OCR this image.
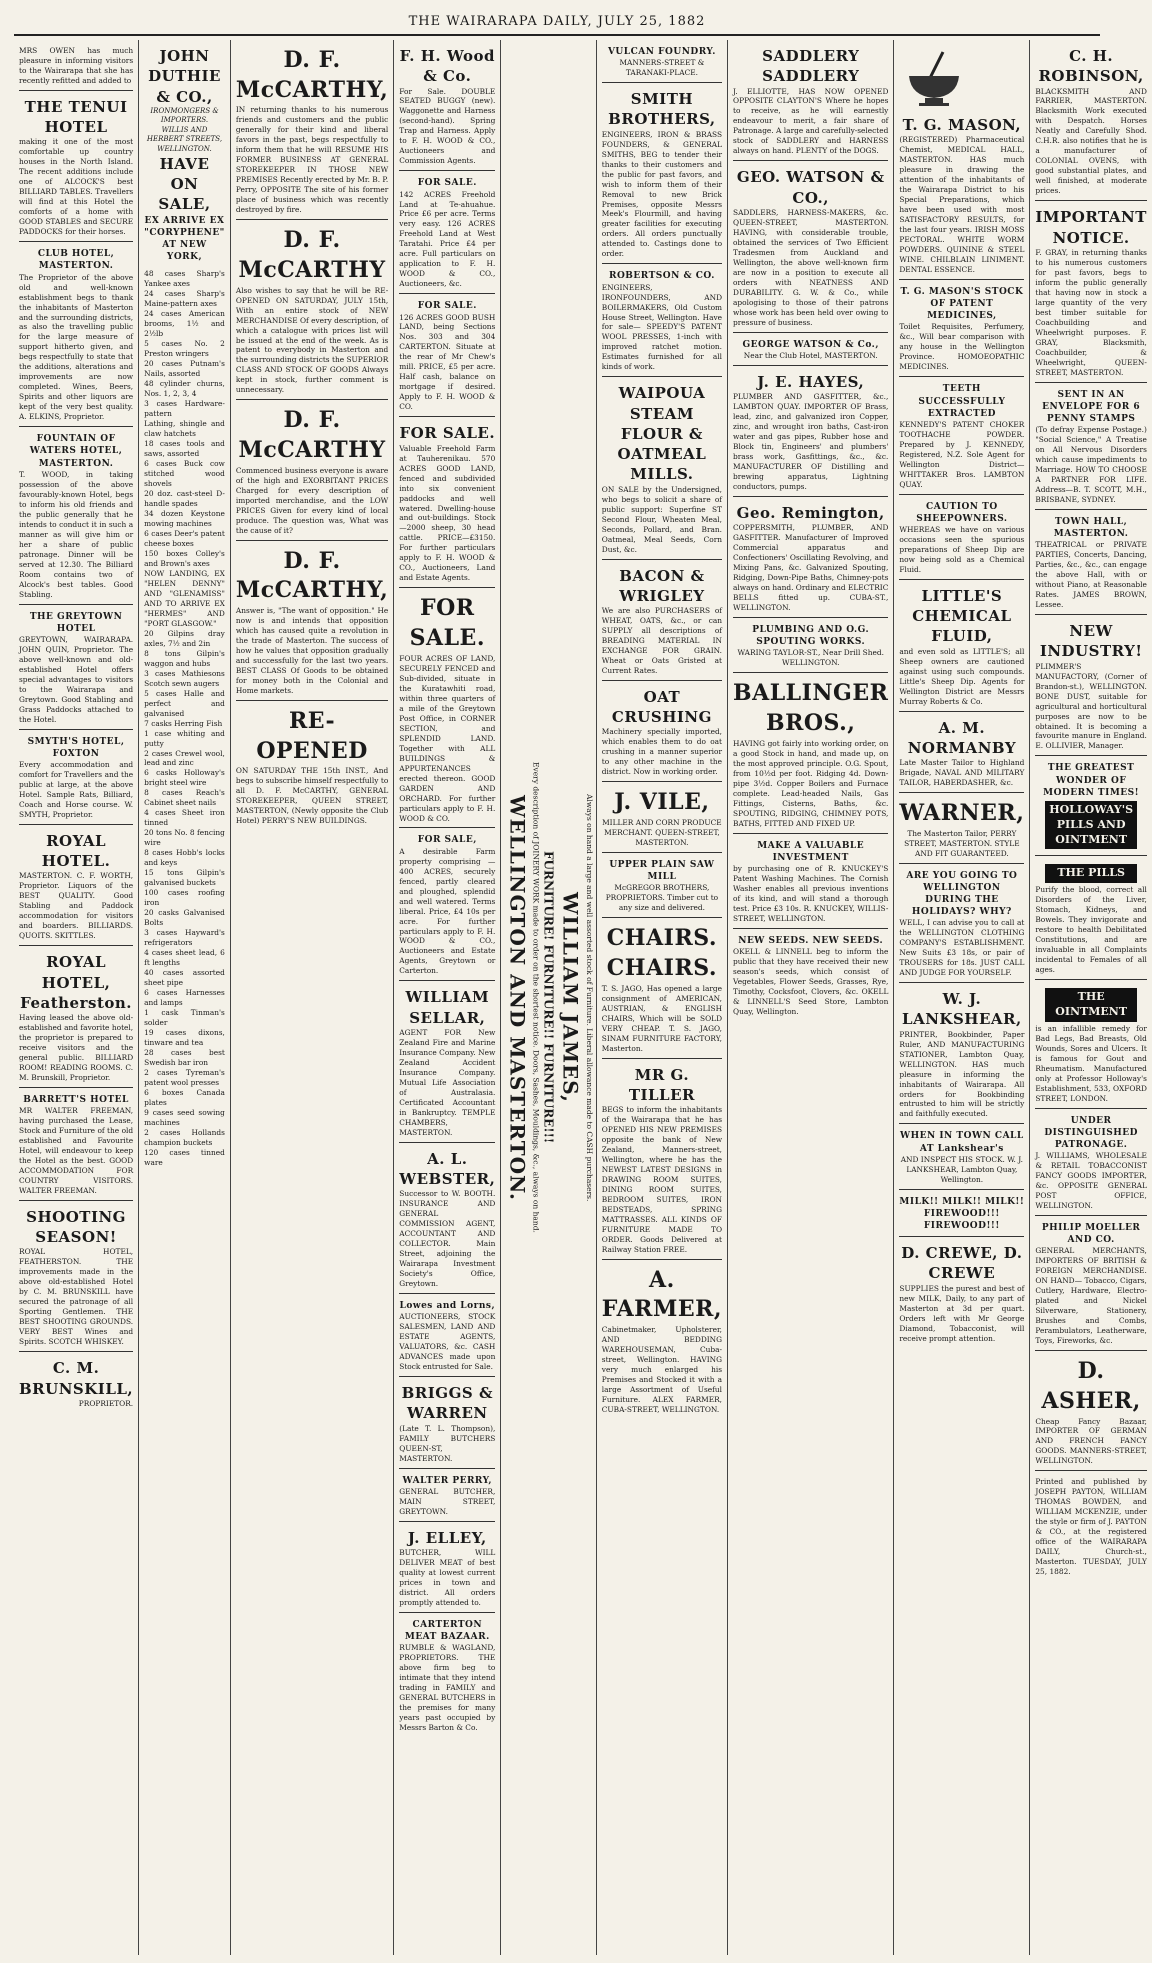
THE WAIRARAPA DAILY, JULY 25, 1882

MRS OWEN has much pleasure in informing visitors to the Wairarapa that she has recently refitted and added to

THE TENUI HOTEL

making it one of the most comfortable up country houses in the North Island. The recent additions include one of ALCOCK'S best BILLIARD TABLES. Travellers will find at this Hotel the comforts of a home with GOOD STABLES and SECURE PADDOCKS for their horses.

CLUB HOTEL, MASTERTON.

The Proprietor of the above old and well-known establishment begs to thank the inhabitants of Masterton and the surrounding districts, as also the travelling public for the large measure of support hitherto given, and begs respectfully to state that the additions, alterations and improvements are now completed. Wines, Beers, Spirits and other liquors are kept of the very best quality. A. ELKINS, Proprietor.

FOUNTAIN OF WATERS HOTEL, MASTERTON.

T. WOOD, in taking possession of the above favourably-known Hotel, begs to inform his old friends and the public generally that he intends to conduct it in such a manner as will give him or her a share of public patronage. Dinner will be served at 12.30. The Billiard Room contains two of Alcock's best tables. Good Stabling.

THE GREYTOWN HOTEL

GREYTOWN, WAIRARAPA. JOHN QUIN, Proprietor. The above well-known and old-established Hotel offers special advantages to visitors to the Wairarapa and Greytown. Good Stabling and Grass Paddocks attached to the Hotel.

SMYTH'S HOTEL, FOXTON

Every accommodation and comfort for Travellers and the public at large, at the above Hotel. Sample Rats, Billiard, Coach and Horse course. W. SMYTH, Proprietor.

ROYAL HOTEL.

MASTERTON. C. F. WORTH, Proprietor. Liquors of the BEST QUALITY. Good Stabling and Paddock accommodation for visitors and boarders. BILLIARDS. QUOITS. SKITTLES.

ROYAL HOTEL, Featherston.

Having leased the above old-established and favorite hotel, the proprietor is prepared to receive visitors and the general public. BILLIARD ROOM! READING ROOMS. C. M. Brunskill, Proprietor.

BARRETT'S HOTEL

MR WALTER FREEMAN, having purchased the Lease, Stock and Furniture of the old established and Favourite Hotel, will endeavour to keep the Hotel as the best. GOOD ACCOMMODATION FOR COUNTRY VISITORS. WALTER FREEMAN.

SHOOTING SEASON!

ROYAL HOTEL, FEATHERSTON. THE improvements made in the above old-established Hotel by C. M. BRUNSKILL have secured the patronage of all Sporting Gentlemen. THE BEST SHOOTING GROUNDS. VERY BEST Wines and Spirits. SCOTCH WHISKEY.

C. M. BRUNSKILL,

PROPRIETOR.

JOHN DUTHIE & CO.,
IRONMONGERS & IMPORTERS.
WILLIS AND HERBERT STREETS, WELLINGTON.
HAVE ON SALE,
EX ARRIVE EX "CORYPHENE" AT NEW YORK,

48 cases Sharp's Yankee axes

24 cases Sharp's Maine-pattern axes

24 cases American brooms, 1½ and 2½lb

5 cases No. 2 Preston wringers

20 cases Putnam's Nails, assorted

48 cylinder churns, Nos. 1, 2, 3, 4

3 cases Hardware-pattern

Lathing, shingle and claw hatchets

18 cases tools and saws, assorted

6 cases Buck cow stitched wood shovels

20 doz. cast-steel D-handle spades

34 dozen Keystone mowing machines

6 cases Deer's patent cheese boxes

150 boxes Colley's and Brown's axes

NOW LANDING, EX "HELEN DENNY" AND "GLENAMISS" AND TO ARRIVE EX "HERMES" AND "PORT GLASGOW."

20 Gilpins dray axles, 7½ and 2in

8 tons Gilpin's waggon and hubs

3 cases Mathiesons Scotch sewn augers

5 cases Halle and perfect and galvanised

7 casks Herring Fish

1 case whiting and putty

2 cases Crewel wool, lead and zinc

6 casks Holloway's bright steel wire

8 cases Reach's Cabinet sheet nails

4 cases Sheet iron tinned

20 tons No. 8 fencing wire

8 cases Hobb's locks and keys

15 tons Gilpin's galvanised buckets

100 cases roofing iron

20 casks Galvanised Bolts

3 cases Hayward's refrigerators

4 cases sheet lead, 6 ft lengths

40 cases assorted sheet pipe

6 cases Harnesses and lamps

1 cask Tinman's solder

19 cases dixons, tinware and tea

28 cases best Swedish bar iron

2 cases Tyreman's patent wool presses

6 boxes Canada plates

9 cases seed sowing machines

2 cases Hollands champion buckets

120 cases tinned ware

D. F. McCARTHY,

IN returning thanks to his numerous friends and customers and the public generally for their kind and liberal favors in the past, begs respectfully to inform them that he will RESUME HIS FORMER BUSINESS AT GENERAL STOREKEEPER IN THOSE NEW PREMISES Recently erected by Mr. B. P. Perry, OPPOSITE The site of his former place of business which was recently destroyed by fire.

D. F. McCARTHY

Also wishes to say that he will be RE-OPENED ON SATURDAY, JULY 15th, With an entire stock of NEW MERCHANDISE Of every description, of which a catalogue with prices list will be issued at the end of the week. As is patent to everybody in Masterton and the surrounding districts the SUPERIOR CLASS AND STOCK OF GOODS Always kept in stock, further comment is unnecessary.

D. F. McCARTHY

Commenced business everyone is aware of the high and EXORBITANT PRICES Charged for every description of imported merchandise, and the LOW PRICES Given for every kind of local produce. The question was, What was the cause of it?

D. F. McCARTHY,

Answer is, "The want of opposition." He now is and intends that opposition which has caused quite a revolution in the trade of Masterton. The success of how he values that opposition gradually and successfully for the last two years. BEST CLASS Of Goods to be obtained for money both in the Colonial and Home markets.

RE-OPENED

ON SATURDAY THE 15th INST., And begs to subscribe himself respectfully to all D. F. McCARTHY, GENERAL STOREKEEPER, QUEEN STREET, MASTERTON, (Newly opposite the Club Hotel) PERRY'S NEW BUILDINGS.

F. H. Wood & Co.

For Sale. DOUBLE SEATED BUGGY (new). Waggonette and Harness (second-hand). Spring Trap and Harness. Apply to F. H. WOOD & CO., Auctioneers and Commission Agents.

FOR SALE.

142 ACRES Freehold Land at Te-ahuahue. Price £6 per acre. Terms very easy. 126 ACRES Freehold Land at West Taratahi. Price £4 per acre. Full particulars on application to F. H. WOOD & CO., Auctioneers, &c.

FOR SALE.

126 ACRES GOOD BUSH LAND, being Sections Nos. 303 and 304 CARTERTON. Situate at the rear of Mr Chew's mill. PRICE, £5 per acre. Half cash, balance on mortgage if desired. Apply to F. H. WOOD & CO.

FOR SALE.

Valuable Freehold Farm at Tauherenikau. 570 ACRES GOOD LAND, fenced and subdivided into six convenient paddocks and well watered. Dwelling-house and out-buildings. Stock—2000 sheep, 30 head cattle. PRICE—£3150. For further particulars apply to F. H. WOOD & CO., Auctioneers, Land and Estate Agents.

FOR SALE.

FOUR ACRES OF LAND, SECURELY FENCED and Sub-divided, situate in the Kuratawhiti road, within three quarters of a mile of the Greytown Post Office, in CORNER SECTION, and SPLENDID LAND. Together with ALL BUILDINGS & APPURTENANCES erected thereon. GOOD GARDEN AND ORCHARD. For further particulars apply to F. H. WOOD & CO.

FOR SALE,

A desirable Farm property comprising — 400 ACRES, securely fenced, partly cleared and ploughed, splendid and well watered. Terms liberal. Price, £4 10s per acre. For further particulars apply to F. H. WOOD & CO., Auctioneers and Estate Agents, Greytown or Carterton.

WILLIAM SELLAR,

AGENT FOR New Zealand Fire and Marine Insurance Company. New Zealand Accident Insurance Company. Mutual Life Association of Australasia. Certificated Accountant in Bankruptcy. TEMPLE CHAMBERS, MASTERTON.

A. L. WEBSTER,

Successor to W. BOOTH. INSURANCE AND GENERAL COMMISSION AGENT, ACCOUNTANT AND COLLECTOR. Main Street, adjoining the Wairarapa Investment Society's Office, Greytown.

Lowes and Lorns,

AUCTIONEERS, STOCK SALESMEN, LAND AND ESTATE AGENTS, VALUATORS, &c. CASH ADVANCES made upon Stock entrusted for Sale.

BRIGGS & WARREN

(Late T. L. Thompson), FAMILY BUTCHERS QUEEN-ST, MASTERTON.

WALTER PERRY,

GENERAL BUTCHER, MAIN STREET, GREYTOWN.

J. ELLEY,

BUTCHER, WILL DELIVER MEAT of best quality at lowest current prices in town and district. All orders promptly attended to.

CARTERTON MEAT BAZAAR.

RUMBLE & WAGLAND, PROPRIETORS. THE above firm beg to intimate that they intend trading in FAMILY and GENERAL BUTCHERS in the premises for many years past occupied by Messrs Barton & Co.

WELLINGTON AND MASTERTON. Every description of JOINERY WORK made to order on the shortest notice. Doors, Sashes, Mouldings, &c., always on hand. FURNITURE! FURNITURE!! FURNITURE!!! WILLIAM JAMES, Always on hand a large and well assorted stock of Furniture. Liberal allowance made to CASH purchasers.
VULCAN FOUNDRY.

MANNERS-STREET & TARANAKI-PLACE.

SMITH BROTHERS,

ENGINEERS, IRON & BRASS FOUNDERS, & GENERAL SMITHS, BEG to tender their thanks to their customers and the public for past favors, and wish to inform them of their Removal to new Brick Premises, opposite Messrs Meek's Flourmill, and having greater facilities for executing orders. All orders punctually attended to. Castings done to order.

ROBERTSON & CO.

ENGINEERS, IRONFOUNDERS, AND BOILERMAKERS, Old Custom House Street, Wellington. Have for sale— SPEEDY'S PATENT WOOL PRESSES, 1-inch with improved ratchet motion. Estimates furnished for all kinds of work.

WAIPOUA STEAM FLOUR & OATMEAL MILLS.

ON SALE by the Undersigned, who begs to solicit a share of public support: Superfine ST Second Flour, Wheaten Meal, Seconds, Pollard, and Bran. Oatmeal, Meal Seeds, Corn Dust, &c.

BACON & WRIGLEY

We are also PURCHASERS of WHEAT, OATS, &c., or can SUPPLY all descriptions of BREADING MATERIAL IN EXCHANGE FOR GRAIN. Wheat or Oats Gristed at Current Rates.

OAT CRUSHING

Machinery specially imported, which enables them to do oat crushing in a manner superior to any other machine in the district. Now in working order.

J. VILE,

MILLER AND CORN PRODUCE MERCHANT. QUEEN-STREET, MASTERTON.

UPPER PLAIN SAW MILL

McGREGOR BROTHERS, PROPRIETORS. Timber cut to any size and delivered.

CHAIRS. CHAIRS.

T. S. JAGO, Has opened a large consignment of AMERICAN, AUSTRIAN, & ENGLISH CHAIRS, Which will be SOLD VERY CHEAP. T. S. JAGO, SINAM FURNITURE FACTORY, Masterton.

MR G. TILLER

BEGS to inform the inhabitants of the Wairarapa that he has OPENED HIS NEW PREMISES opposite the bank of New Zealand, Manners-street, Wellington, where he has the NEWEST LATEST DESIGNS in DRAWING ROOM SUITES, DINING ROOM SUITES, BEDROOM SUITES, IRON BEDSTEADS, SPRING MATTRASSES. ALL KINDS OF FURNITURE MADE TO ORDER. Goods Delivered at Railway Station FREE.

A. FARMER,

Cabinetmaker, Upholsterer, AND BEDDING WAREHOUSEMAN, Cuba-street, Wellington. HAVING very much enlarged his Premises and Stocked it with a large Assortment of Useful Furniture. ALEX FARMER, CUBA-STREET, WELLINGTON.

SADDLERY SADDLERY

J. ELLIOTTE, HAS NOW OPENED OPPOSITE CLAYTON'S Where he hopes to receive, as he will earnestly endeavour to merit, a fair share of Patronage. A large and carefully-selected stock of SADDLERY and HARNESS always on hand. PLENTY of the DOGS.

GEO. WATSON & CO.,

SADDLERS, HARNESS-MAKERS, &c. QUEEN-STREET, MASTERTON. HAVING, with considerable trouble, obtained the services of Two Efficient Tradesmen from Auckland and Wellington, the above well-known firm are now in a position to execute all orders with NEATNESS AND DURABILITY. G. W. & Co., while apologising to those of their patrons whose work has been held over owing to pressure of business.

GEORGE WATSON & Co.,

Near the Club Hotel, MASTERTON.

J. E. HAYES,

PLUMBER AND GASFITTER, &c., LAMBTON QUAY. IMPORTER OF Brass, lead, zinc, and galvanized iron Copper, zinc, and wrought iron baths, Cast-iron water and gas pipes, Rubber hose and Block tin, Engineers' and plumbers' brass work, Gasfittings, &c., &c. MANUFACTURER OF Distilling and brewing apparatus, Lightning conductors, pumps.

Geo. Remington,

COPPERSMITH, PLUMBER, AND GASFITTER. Manufacturer of Improved Commercial apparatus and Confectioners' Oscillating Revolving, and Mixing Pans, &c. Galvanized Spouting, Ridging, Down-Pipe Baths, Chimney-pots always on hand. Ordinary and ELECTRIC BELLS fitted up. CUBA-ST., WELLINGTON.

PLUMBING AND O.G. SPOUTING WORKS.

WARING TAYLOR-ST., Near Drill Shed. WELLINGTON.

BALLINGER BROS.,

HAVING got fairly into working order, on a good Stock in hand, and made up, on the most approved principle. O.G. Spout, from 10½d per foot. Ridging 4d. Down-pipe 3½d. Copper Boilers and Furnace complete. Lead-headed Nails, Gas Fittings, Cisterns, Baths, &c. SPOUTING, RIDGING, CHIMNEY POTS, BATHS, FITTED AND FIXED UP.

MAKE A VALUABLE INVESTMENT

by purchasing one of R. KNUCKEY'S Patent Washing Machines. The Cornish Washer enables all previous inventions of its kind, and will stand a thorough test. Price £3 10s. R. KNUCKEY, WILLIS-STREET, WELLINGTON.

NEW SEEDS. NEW SEEDS.

OKELL & LINNELL beg to inform the public that they have received their new season's seeds, which consist of Vegetables, Flower Seeds, Grasses, Rye, Timothy, Cocksfoot, Clovers, &c. OKELL & LINNELL'S Seed Store, Lambton Quay, Wellington.

T. G. MASON,

(REGISTERED) Pharmaceutical Chemist, MEDICAL HALL, MASTERTON. HAS much pleasure in drawing the attention of the inhabitants of the Wairarapa District to his Special Preparations, which have been used with most SATISFACTORY RESULTS, for the last four years. IRISH MOSS PECTORAL. WHITE WORM POWDERS. QUININE & STEEL WINE. CHILBLAIN LINIMENT. DENTAL ESSENCE.

T. G. MASON'S STOCK OF PATENT MEDICINES,

Toilet Requisites, Perfumery, &c., Will bear comparison with any house in the Wellington Province. HOMOEOPATHIC MEDICINES.

TEETH SUCCESSFULLY EXTRACTED

KENNEDY'S PATENT CHOKER TOOTHACHE POWDER. Prepared by J. KENNEDY, Registered, N.Z. Sole Agent for Wellington District— WHITTAKER Bros. LAMBTON QUAY.

CAUTION TO SHEEPOWNERS.

WHEREAS we have on various occasions seen the spurious preparations of Sheep Dip are now being sold as a Chemical Fluid.

LITTLE'S CHEMICAL FLUID,

and even sold as LITTLE'S; all Sheep owners are cautioned against using such compounds. Little's Sheep Dip. Agents for Wellington District are Messrs Murray Roberts & Co.

A. M. NORMANBY

Late Master Tailor to Highland Brigade, NAVAL AND MILITARY TAILOR, HABERDASHER, &c.

WARNER,

The Masterton Tailor, PERRY STREET, MASTERTON. STYLE AND FIT GUARANTEED.

ARE YOU GOING TO WELLINGTON DURING THE HOLIDAYS? WHY?

WELL, I can advise you to call at the WELLINGTON CLOTHING COMPANY'S ESTABLISHMENT. New Suits £3 18s, or pair of TROUSERS for 18s. JUST CALL AND JUDGE FOR YOURSELF.

W. J. LANKSHEAR,

PRINTER, Bookbinder, Paper Ruler, AND MANUFACTURING STATIONER, Lambton Quay, WELLINGTON. HAS much pleasure in informing the inhabitants of Wairarapa. All orders for Bookbinding entrusted to him will be strictly and faithfully executed.

WHEN IN TOWN CALL AT Lankshear's

AND INSPECT HIS STOCK. W. J. LANKSHEAR, Lambton Quay, Wellington.

MILK!! MILK!! MILK!!

FIREWOOD!!! FIREWOOD!!!

D. CREWE, D. CREWE

SUPPLIES the purest and best of new MILK, Daily, to any part of Masterton at 3d per quart. Orders left with Mr George Diamond, Tobacconist, will receive prompt attention.

C. H. ROBINSON,

BLACKSMITH AND FARRIER, MASTERTON. Blacksmith Work executed with Despatch. Horses Neatly and Carefully Shod. C.H.R. also notifies that he is a manufacturer of COLONIAL OVENS, with good substantial plates, and well finished, at moderate prices.

IMPORTANT NOTICE.

F. GRAY, in returning thanks to his numerous customers for past favors, begs to inform the public generally that having now in stock a large quantity of the very best timber suitable for Coachbuilding and Wheelwright purposes. F. GRAY, Blacksmith, Coachbuilder, & Wheelwright, QUEEN-STREET, MASTERTON.

SENT IN AN ENVELOPE FOR 6 PENNY STAMPS

(To defray Expense Postage.) "Social Science," A Treatise on All Nervous Disorders which cause impediments to Marriage. HOW TO CHOOSE A PARTNER FOR LIFE. Address—B. T. SCOTT, M.H., BRISBANE, SYDNEY.

TOWN HALL, MASTERTON.

THEATRICAL or PRIVATE PARTIES, Concerts, Dancing, Parties, &c., &c., can engage the above Hall, with or without Piano, at Reasonable Rates. JAMES BROWN, Lessee.

NEW INDUSTRY!

PLIMMER'S MANUFACTORY, (Corner of Brandon-st.), WELLINGTON. BONE DUST, suitable for agricultural and horticultural purposes are now to be obtained. It is becoming a favourite manure in England. E. OLLIVIER, Manager.

THE GREATEST WONDER OF MODERN TIMES!
HOLLOWAY'S PILLS AND OINTMENT
THE PILLS

Purify the blood, correct all Disorders of the Liver, Stomach, Kidneys, and Bowels. They invigorate and restore to health Debilitated Constitutions, and are invaluable in all Complaints incidental to Females of all ages.

THE OINTMENT

is an infallible remedy for Bad Legs, Bad Breasts, Old Wounds, Sores and Ulcers. It is famous for Gout and Rheumatism. Manufactured only at Professor Holloway's Establishment, 533, OXFORD STREET, LONDON.

UNDER DISTINGUISHED PATRONAGE.

J. WILLIAMS, WHOLESALE & RETAIL TOBACCONIST FANCY GOODS IMPORTER, &c. OPPOSITE GENERAL POST OFFICE, WELLINGTON.

PHILIP MOELLER AND CO.

GENERAL MERCHANTS, IMPORTERS OF BRITISH & FOREIGN MERCHANDISE. ON HAND— Tobacco, Cigars, Cutlery, Hardware, Electro-plated and Nickel Silverware, Stationery, Brushes and Combs, Perambulators, Leatherware, Toys, Fireworks, &c.

D. ASHER,

Cheap Fancy Bazaar, IMPORTER OF GERMAN AND FRENCH FANCY GOODS. MANNERS-STREET, WELLINGTON.

Printed and published by JOSEPH PAYTON, WILLIAM THOMAS BOWDEN, and WILLIAM MCKENZIE, under the style or firm of J. PAYTON & CO., at the registered office of the WAIRARAPA DAILY, Church-st., Masterton. TUESDAY, JULY 25, 1882.
